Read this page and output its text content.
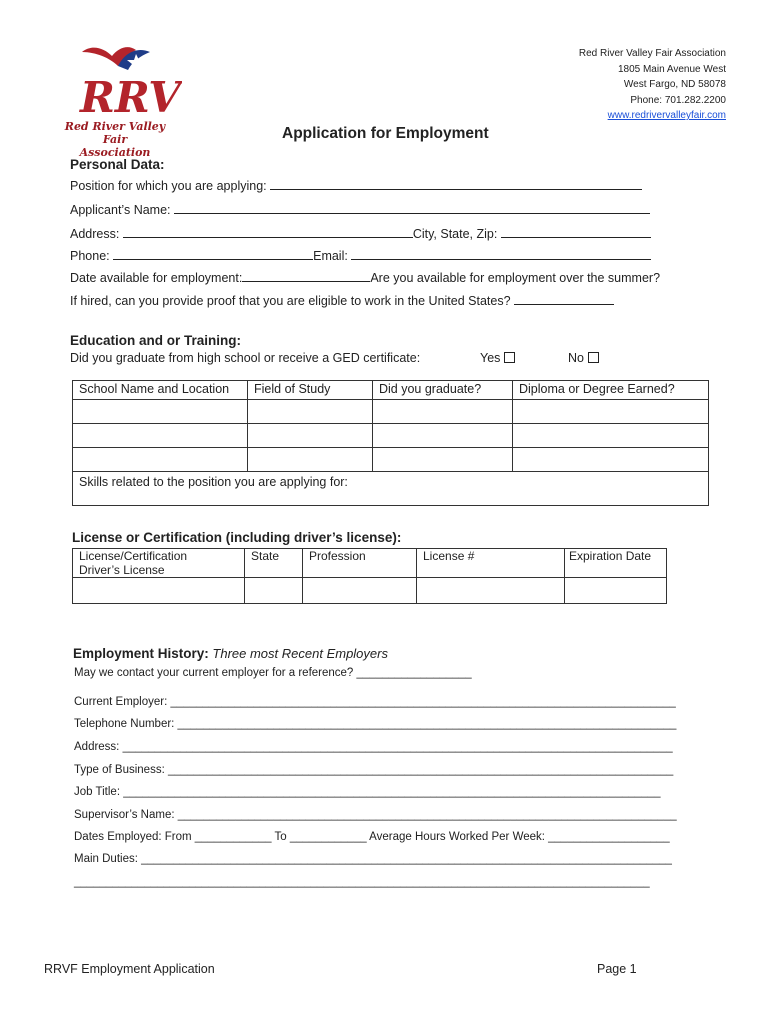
RRV
Red River Valley Fair
Association
Red River Valley Fair Association
1805 Main Avenue West
West Fargo, ND 58078
Phone: 701.282.2200
www.redrivervalleyfair.com
Application for Employment
Personal Data:
Position for which you are applying:
Applicant’s Name:
Address:	City, State, Zip:
Phone:	Email:
Date available for employment:	Are you available for employment over the summer?
If hired, can you provide proof that you are eligible to work in the United States?
Education and or Training:
Did you graduate from high school or receive a GED certificate:	Yes	No
School Name and Location	Field of Study	Did you graduate?	Diploma or Degree Earned?

Skills related to the position you are applying for:			
License or Certification (including driver’s license):
License/Certification
Driver’s License	State	Profession	License #	Expiration Date

Employment History: Three most Recent Employers
May we contact your current employer for a reference? __________________
Current Employer: _______________________________________________________________________________
Telephone Number: ______________________________________________________________________________
Address: ______________________________________________________________________________________
Type of Business: _______________________________________________________________________________
Job Title: ____________________________________________________________________________________
Supervisor’s Name: ______________________________________________________________________________
Dates Employed: From ____________ To ____________ Average Hours Worked Per Week: ___________________
Main Duties: ___________________________________________________________________________________
__________________________________________________________________________________________
RRVF Employment Application	Page 1
